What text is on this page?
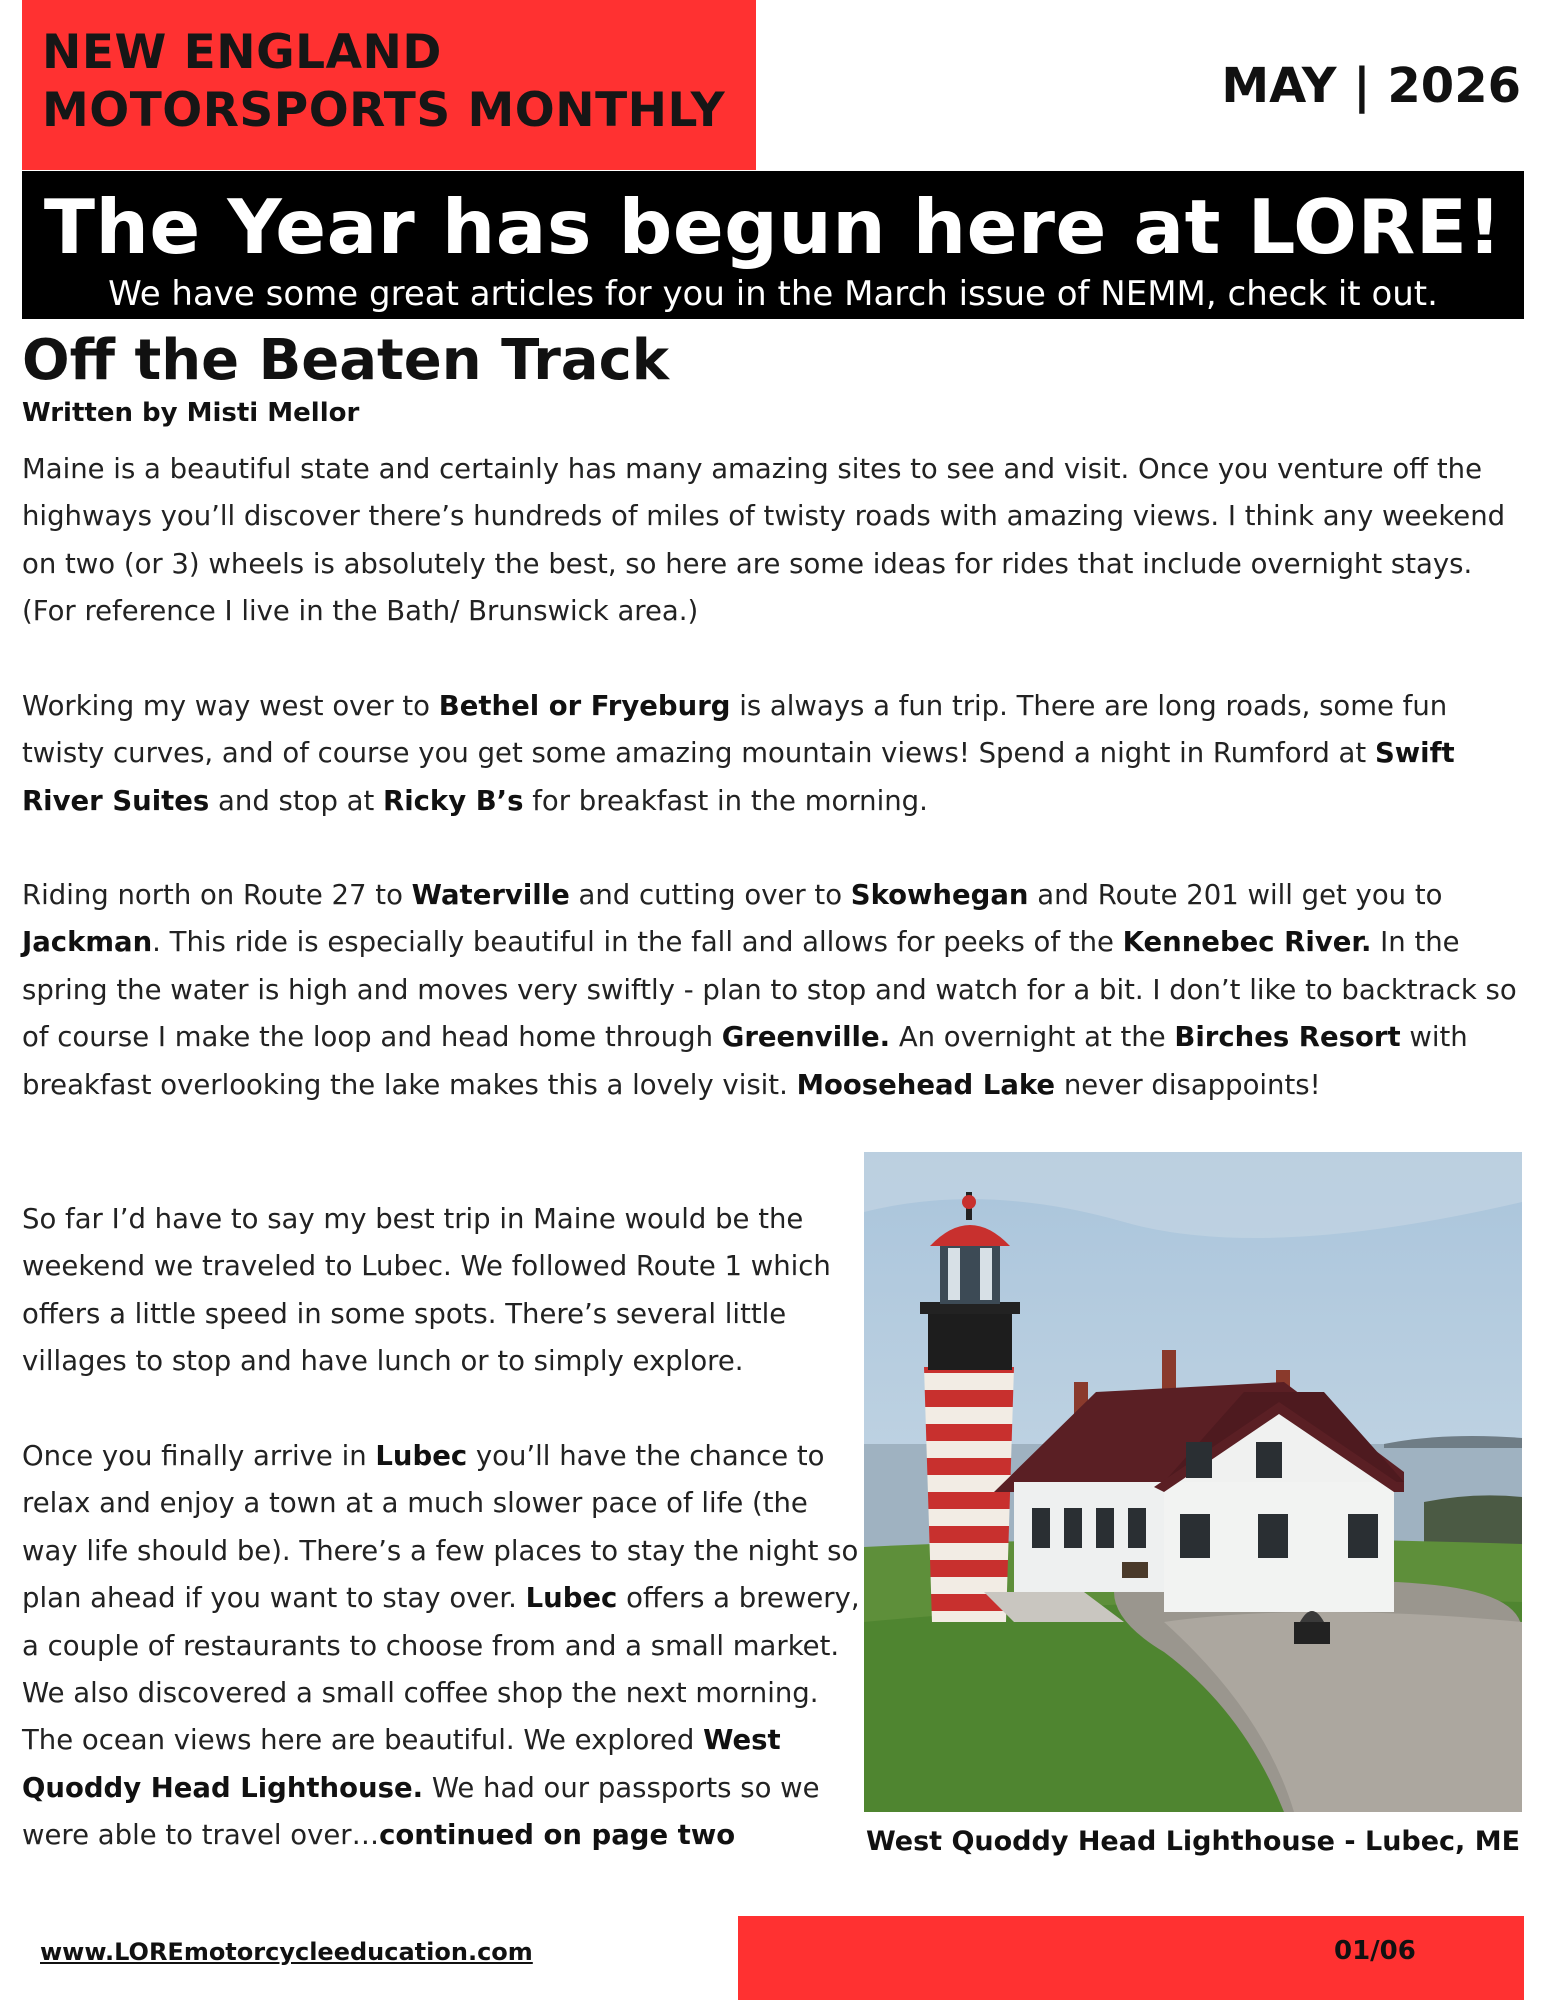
NEW ENGLAND
MOTORSPORTS MONTHLY	MAY | 2026
The Year has begun here at LORE!
We have some great articles for you in the March issue of NEMM, check it out.
Off the Beaten Track
Written by Misti Mellor
Maine is a beautiful state and certainly has many amazing sites to see and visit. Once you venture off the highways you’ll discover there’s hundreds of miles of twisty roads with amazing views. I think any weekend on two (or 3) wheels is absolutely the best, so here are some ideas for rides that include overnight stays. (For reference I live in the Bath/ Brunswick area.)
Working my way west over to Bethel or Fryeburg is always a fun trip. There are long roads, some fun twisty curves, and of course you get some amazing mountain views! Spend a night in Rumford at Swift River Suites and stop at Ricky B’s for breakfast in the morning.
Riding north on Route 27 to Waterville and cutting over to Skowhegan and Route 201 will get you to Jackman. This ride is especially beautiful in the fall and allows for peeks of the Kennebec River. In the spring the water is high and moves very swiftly - plan to stop and watch for a bit. I don’t like to backtrack so of course I make the loop and head home through Greenville. An overnight at the Birches Resort with breakfast overlooking the lake makes this a lovely visit. Moosehead Lake never disappoints!
So far I’d have to say my best trip in Maine would be the weekend we traveled to Lubec. We followed Route 1 which offers a little speed in some spots. There’s several little villages to stop and have lunch or to simply explore.
Once you finally arrive in Lubec you’ll have the chance to relax and enjoy a town at a much slower pace of life (the way life should be). There’s a few places to stay the night so plan ahead if you want to stay over. Lubec offers a brewery, a couple of restaurants to choose from and a small market. We also discovered a small coffee shop the next morning. The ocean views here are beautiful. We explored West Quoddy Head Lighthouse. We had our passports so we were able to travel over…continued on page two	West Quoddy Head Lighthouse - Lubec, ME
www.LOREmotorcycleeducation.com	01/06
